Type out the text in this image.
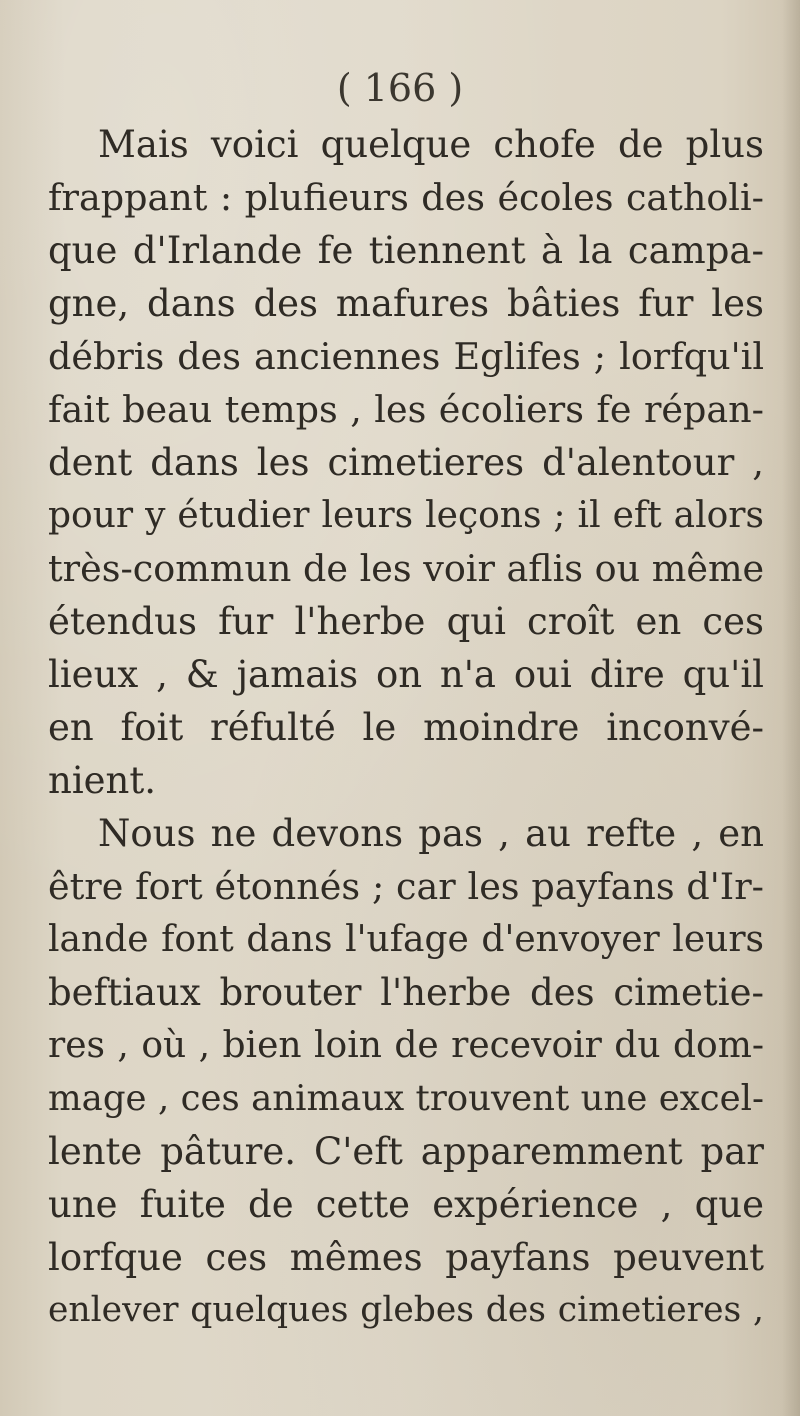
( 166 )

Mais voici quelque chofe de plus
frappant : plufieurs des écoles catholi-
que d'Irlande fe tiennent à la campa-
gne, dans des mafures bâties fur les
débris des anciennes Eglifes ; lorfqu'il
fait beau temps , les écoliers fe répan-
dent dans les cimetieres d'alentour ,
pour y étudier leurs leçons ; il eft alors
très-commun de les voir aflis ou même
étendus fur l'herbe qui croît en ces
lieux , & jamais on n'a oui dire qu'il
en foit réfulté le moindre inconvé-
nient.
Nous ne devons pas , au refte , en
être fort étonnés ; car les payfans d'Ir-
lande font dans l'ufage d'envoyer leurs
beftiaux brouter l'herbe des cimetie-
res , où , bien loin de recevoir du dom-
mage , ces animaux trouvent une excel-
lente pâture. C'eft apparemment par
une fuite de cette expérience , que
lorfque ces mêmes payfans peuvent
enlever quelques glebes des cimetieres ,
